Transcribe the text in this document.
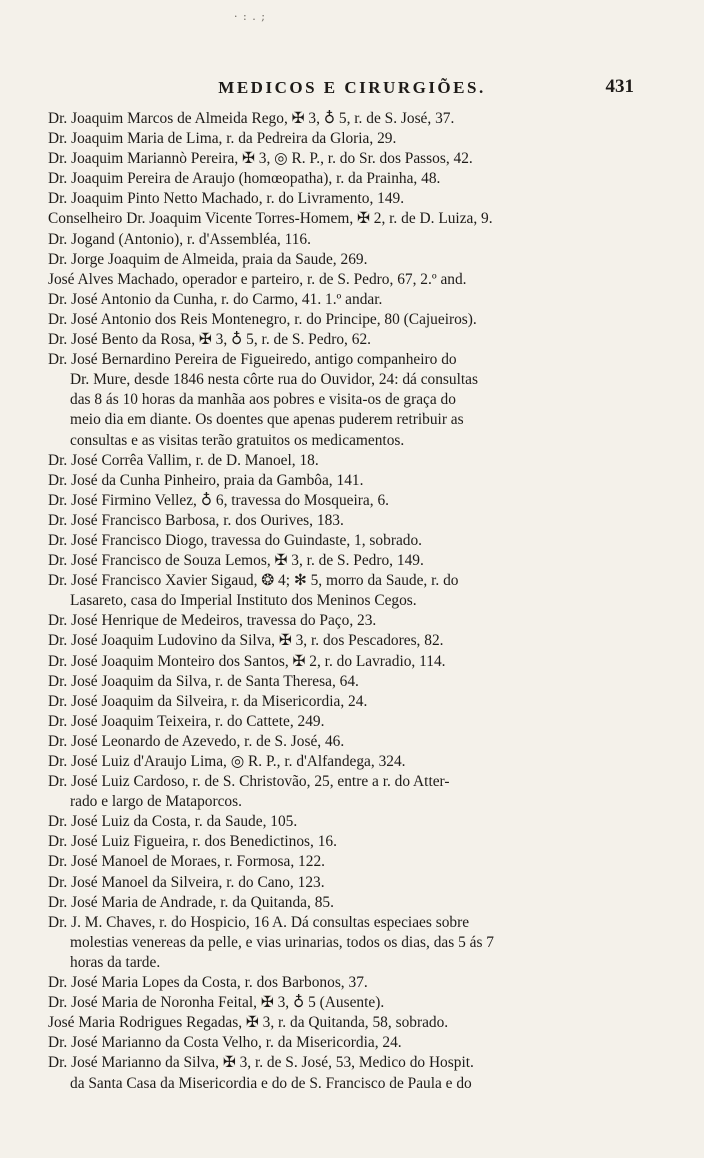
· : . ;
MEDICOS E CIRURGIÕES.	431
Dr. Joaquim Marcos de Almeida Rego, ✠ 3, ♁ 5, r. de S. José, 37.
Dr. Joaquim Maria de Lima, r. da Pedreira da Gloria, 29.
Dr. Joaquim Mariannò Pereira, ✠ 3, ◎ R. P., r. do Sr. dos Passos, 42.
Dr. Joaquim Pereira de Araujo (homœopatha), r. da Prainha, 48.
Dr. Joaquim Pinto Netto Machado, r. do Livramento, 149.
Conselheiro Dr. Joaquim Vicente Torres-Homem, ✠ 2, r. de D. Luiza, 9.
Dr. Jogand (Antonio), r. d'Assembléa, 116.
Dr. Jorge Joaquim de Almeida, praia da Saude, 269.
José Alves Machado, operador e parteiro, r. de S. Pedro, 67, 2.º and.
Dr. José Antonio da Cunha, r. do Carmo, 41. 1.º andar.
Dr. José Antonio dos Reis Montenegro, r. do Principe, 80 (Cajueiros).
Dr. José Bento da Rosa, ✠ 3, ♁ 5, r. de S. Pedro, 62.
Dr. José Bernardino Pereira de Figueiredo, antigo companheiro do
Dr. Mure, desde 1846 nesta côrte rua do Ouvidor, 24: dá consultas
das 8 ás 10 horas da manhãa aos pobres e visita-os de graça do
meio dia em diante. Os doentes que apenas puderem retribuir as
consultas e as visitas terão gratuitos os medicamentos.
Dr. José Corrêa Vallim, r. de D. Manoel, 18.
Dr. José da Cunha Pinheiro, praia da Gambôa, 141.
Dr. José Firmino Vellez, ♁ 6, travessa do Mosqueira, 6.
Dr. José Francisco Barbosa, r. dos Ourives, 183.
Dr. José Francisco Diogo, travessa do Guindaste, 1, sobrado.
Dr. José Francisco de Souza Lemos, ✠ 3, r. de S. Pedro, 149.
Dr. José Francisco Xavier Sigaud, ❂ 4; ✻ 5, morro da Saude, r. do
Lasareto, casa do Imperial Instituto dos Meninos Cegos.
Dr. José Henrique de Medeiros, travessa do Paço, 23.
Dr. José Joaquim Ludovino da Silva, ✠ 3, r. dos Pescadores, 82.
Dr. José Joaquim Monteiro dos Santos, ✠ 2, r. do Lavradio, 114.
Dr. José Joaquim da Silva, r. de Santa Theresa, 64.
Dr. José Joaquim da Silveira, r. da Misericordia, 24.
Dr. José Joaquim Teixeira, r. do Cattete, 249.
Dr. José Leonardo de Azevedo, r. de S. José, 46.
Dr. José Luiz d'Araujo Lima, ◎ R. P., r. d'Alfandega, 324.
Dr. José Luiz Cardoso, r. de S. Christovão, 25, entre a r. do Atter-
rado e largo de Mataporcos.
Dr. José Luiz da Costa, r. da Saude, 105.
Dr. José Luiz Figueira, r. dos Benedictinos, 16.
Dr. José Manoel de Moraes, r. Formosa, 122.
Dr. José Manoel da Silveira, r. do Cano, 123.
Dr. José Maria de Andrade, r. da Quitanda, 85.
Dr. J. M. Chaves, r. do Hospicio, 16 A. Dá consultas especiaes sobre
molestias venereas da pelle, e vias urinarias, todos os dias, das 5 ás 7
horas da tarde.
Dr. José Maria Lopes da Costa, r. dos Barbonos, 37.
Dr. José Maria de Noronha Feital, ✠ 3, ♁ 5 (Ausente).
José Maria Rodrigues Regadas, ✠ 3, r. da Quitanda, 58, sobrado.
Dr. José Marianno da Costa Velho, r. da Misericordia, 24.
Dr. José Marianno da Silva, ✠ 3, r. de S. José, 53, Medico do Hospit.
da Santa Casa da Misericordia e do de S. Francisco de Paula e do
